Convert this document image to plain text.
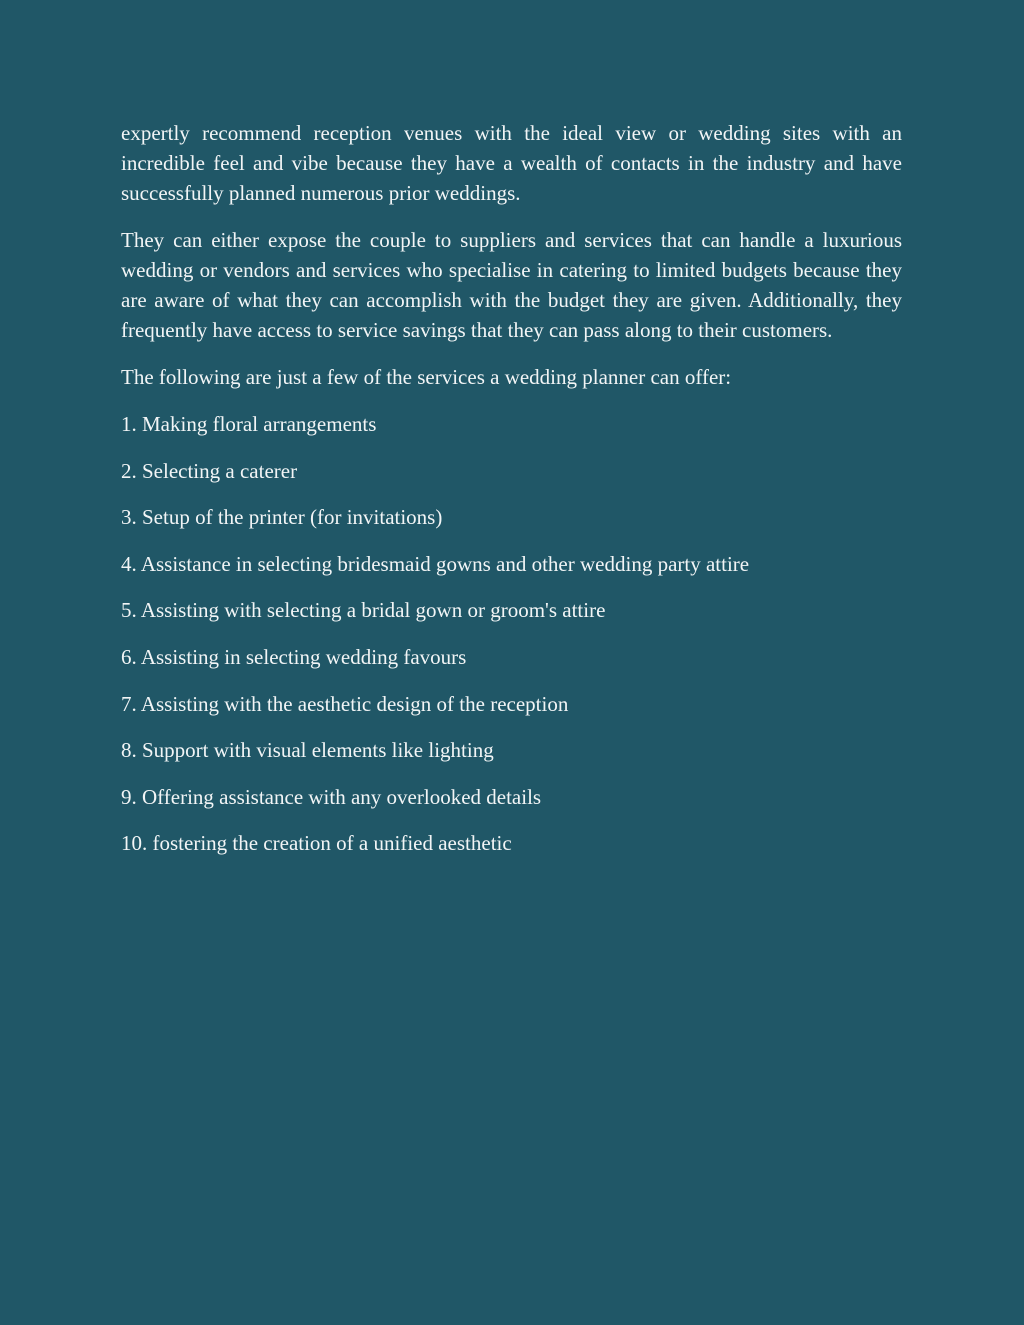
expertly recommend reception venues with the ideal view or wedding sites with an incredible feel and vibe because they have a wealth of contacts in the industry and have successfully planned numerous prior weddings.

They can either expose the couple to suppliers and services that can handle a luxurious wedding or vendors and services who specialise in catering to limited budgets because they are aware of what they can accomplish with the budget they are given. Additionally, they frequently have access to service savings that they can pass along to their customers.

The following are just a few of the services a wedding planner can offer:

1. Making floral arrangements
2. Selecting a caterer
3. Setup of the printer (for invitations)
4. Assistance in selecting bridesmaid gowns and other wedding party attire
5. Assisting with selecting a bridal gown or groom's attire
6. Assisting in selecting wedding favours
7. Assisting with the aesthetic design of the reception
8. Support with visual elements like lighting
9. Offering assistance with any overlooked details
10. fostering the creation of a unified aesthetic
